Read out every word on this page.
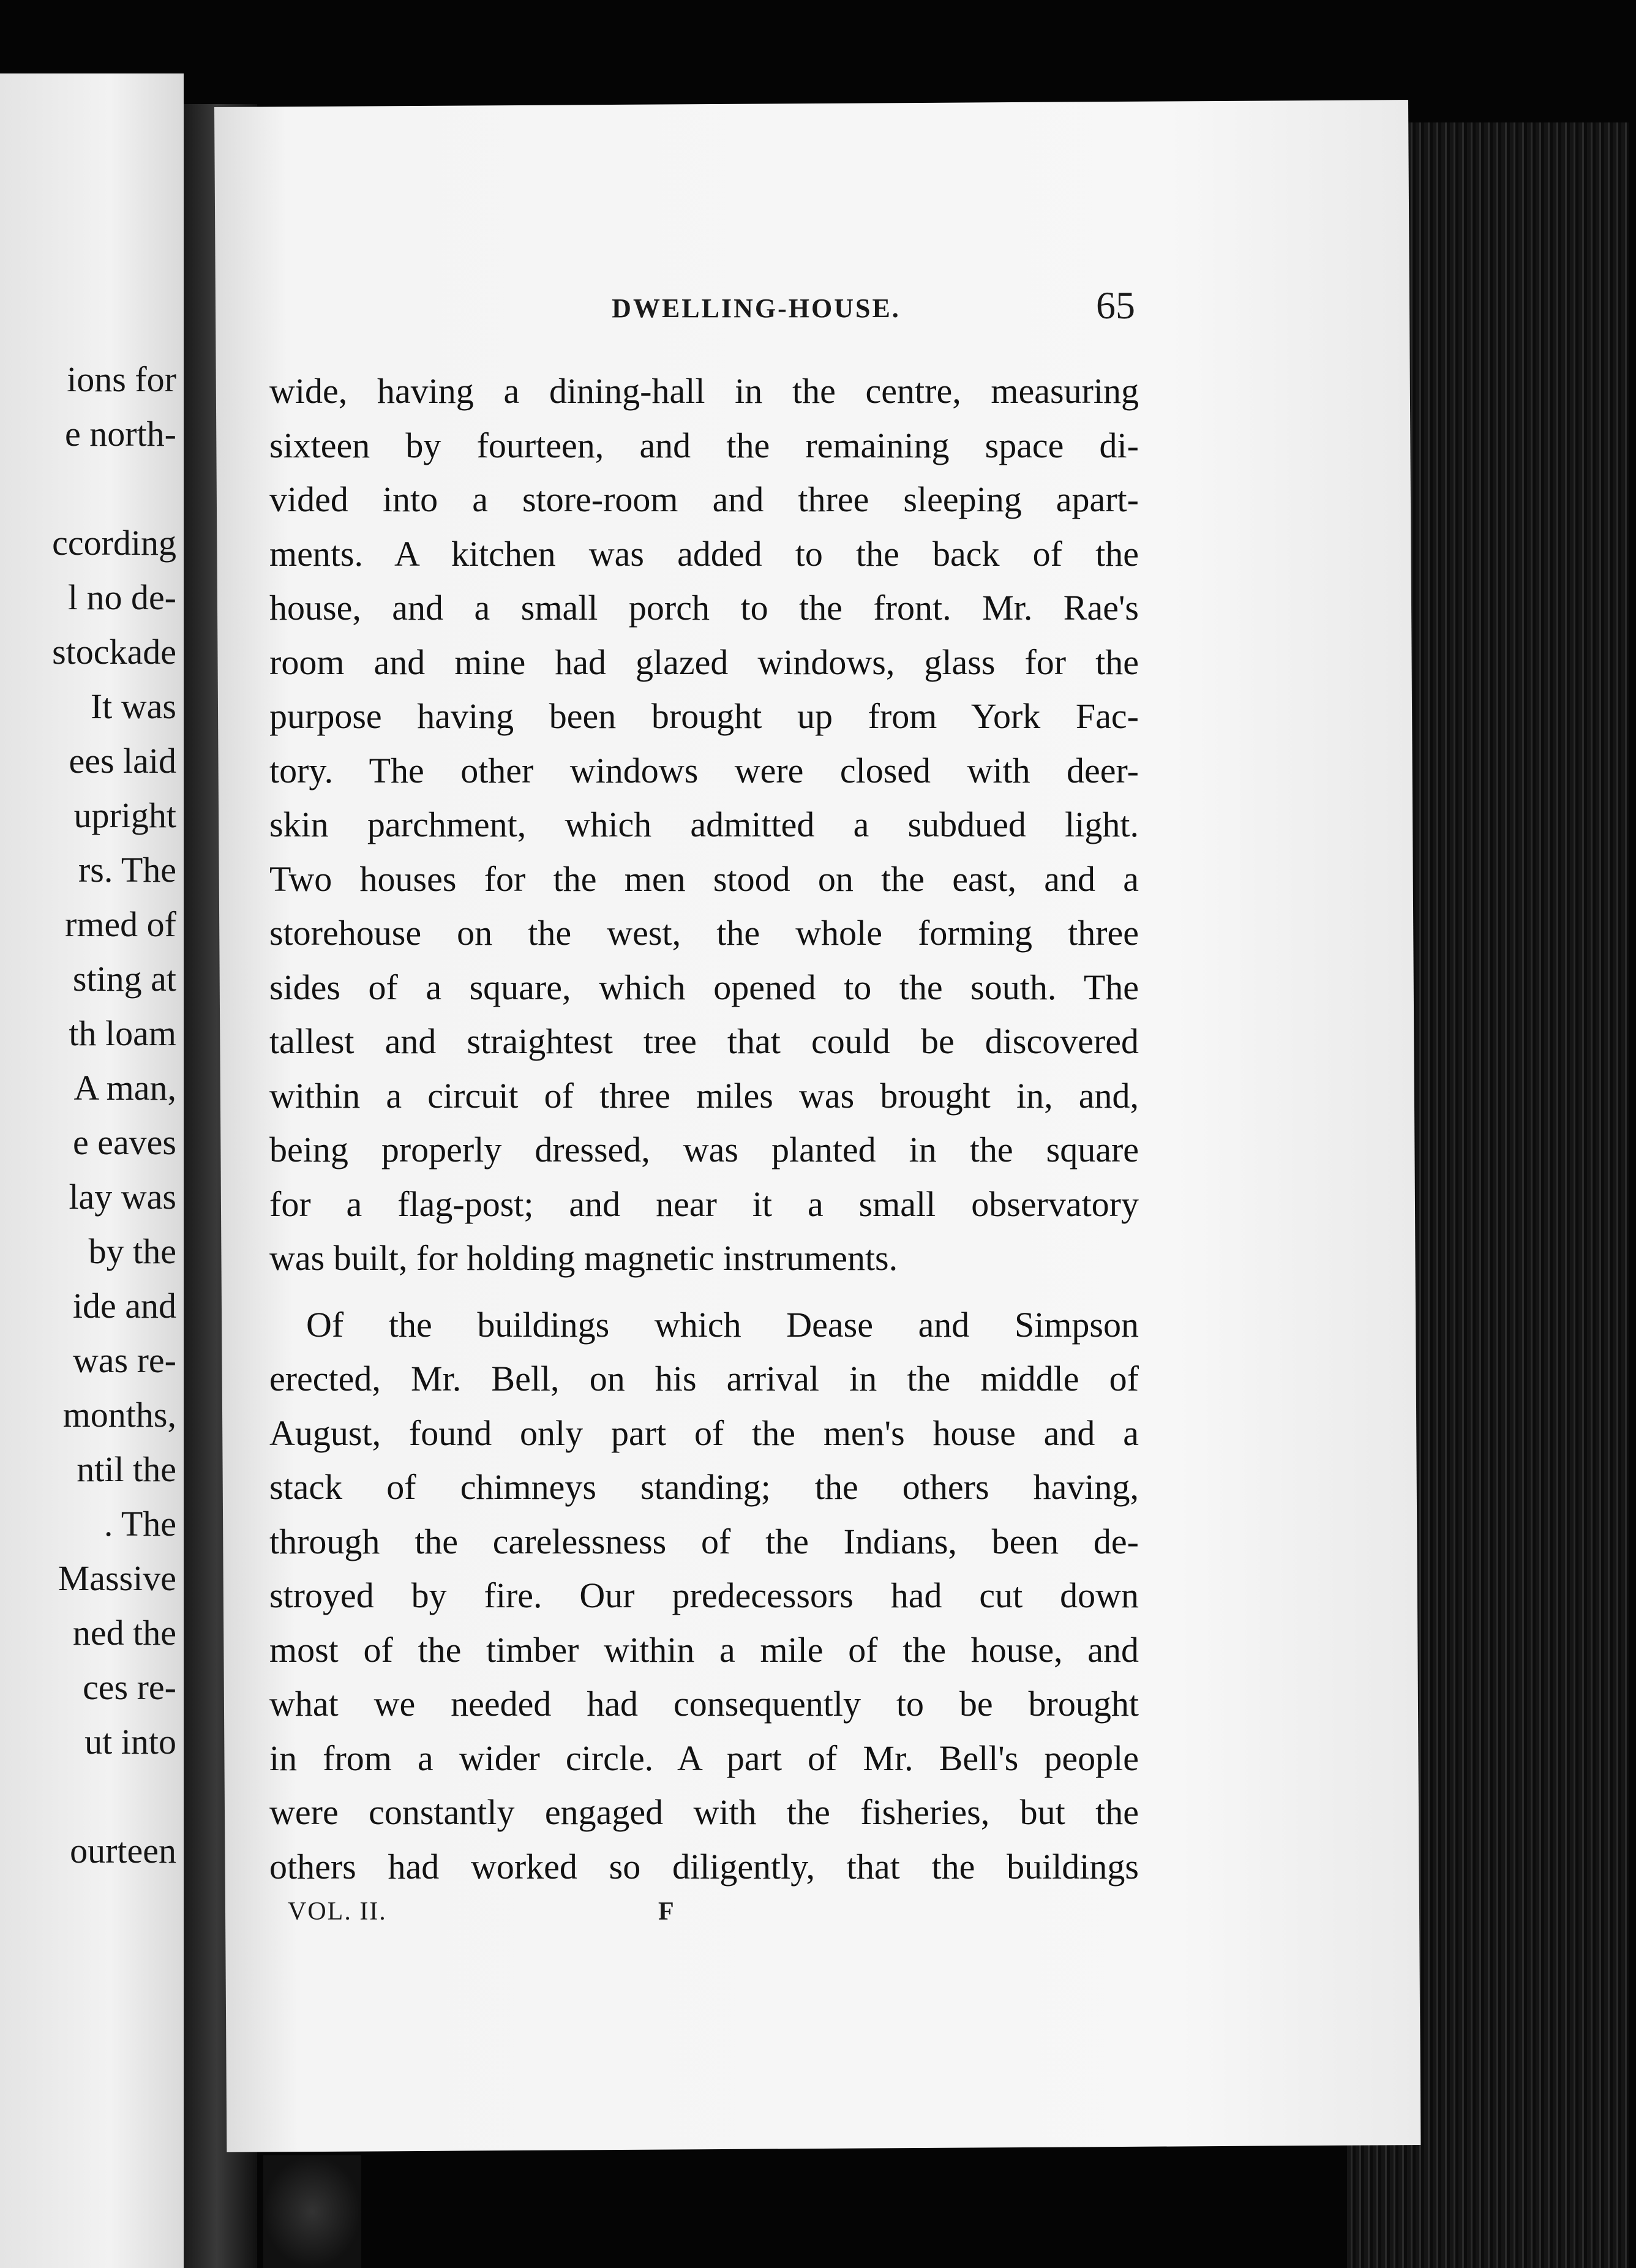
ions for
e north-
ccording
l no de-
stockade
It was
ees laid
upright
rs. The
rmed of
sting at
th loam
A man,
e eaves
lay was
by the
ide and
was re-
months,
ntil the
. The
Massive
ned the
ces re-
ut into
ourteen
DWELLING-HOUSE.	65
wide, having a dining-hall in the centre, measuring
sixteen by fourteen, and the remaining space di-
vided into a store-room and three sleeping apart-
ments. A kitchen was added to the back of the
house, and a small porch to the front. Mr. Rae's
room and mine had glazed windows, glass for the
purpose having been brought up from York Fac-
tory. The other windows were closed with deer-
skin parchment, which admitted a subdued light.
Two houses for the men stood on the east, and a
storehouse on the west, the whole forming three
sides of a square, which opened to the south. The
tallest and straightest tree that could be discovered
within a circuit of three miles was brought in, and,
being properly dressed, was planted in the square
for a flag-post; and near it a small observatory
was built, for holding magnetic instruments.
Of the buildings which Dease and Simpson
erected, Mr. Bell, on his arrival in the middle of
August, found only part of the men's house and a
stack of chimneys standing; the others having,
through the carelessness of the Indians, been de-
stroyed by fire. Our predecessors had cut down
most of the timber within a mile of the house, and
what we needed had consequently to be brought
in from a wider circle. A part of Mr. Bell's people
were constantly engaged with the fisheries, but the
others had worked so diligently, that the buildings
VOL. II.	F
